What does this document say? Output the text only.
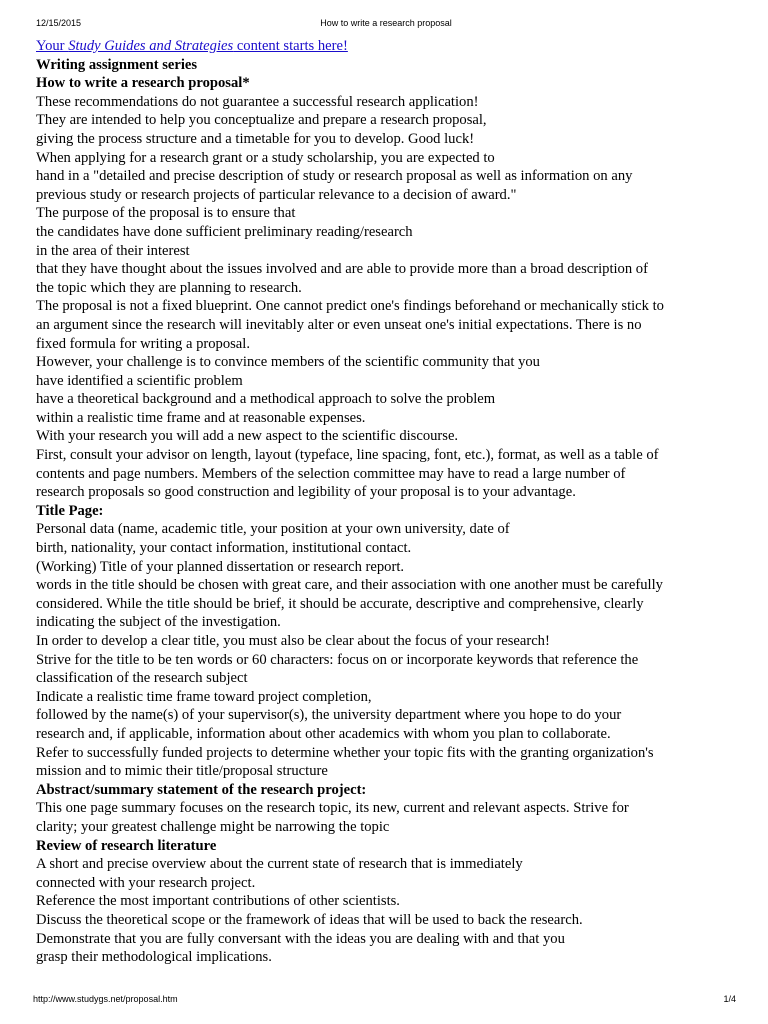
12/15/2015	How to write a research proposal
Your Study Guides and Strategies content starts here!
Writing assignment series
How to write a research proposal*
These recommendations do not guarantee a successful research application!
They are intended to help you conceptualize and prepare a research proposal,
giving the process structure and a timetable for you to develop. Good luck!
When applying for a research grant or a study scholarship, you are expected to
hand in a "detailed and precise description of study or research proposal as well as information on any
previous study or research projects of particular relevance to a decision of award."
The purpose of the proposal is to ensure that
the candidates have done sufficient preliminary reading/research
in the area of their interest
that they have thought about the issues involved and are able to provide more than a broad description of
the topic which they are planning to research.
The proposal is not a fixed blueprint. One cannot predict one's findings beforehand or mechanically stick to
an argument since the research will inevitably alter or even unseat one's initial expectations. There is no
fixed formula for writing a proposal.
However, your challenge is to convince members of the scientific community that you
have identified a scientific problem
have a theoretical background and a methodical approach to solve the problem
within a realistic time frame and at reasonable expenses.
With your research you will add a new aspect to the scientific discourse.
First, consult your advisor on length, layout (typeface, line spacing, font, etc.), format, as well as a table of
contents and page numbers. Members of the selection committee may have to read a large number of
research proposals so good construction and legibility of your proposal is to your advantage.
Title Page:
Personal data (name, academic title, your position at your own university, date of
birth, nationality, your contact information, institutional contact.
(Working) Title of your planned dissertation or research report.
words in the title should be chosen with great care, and their association with one another must be carefully
considered. While the title should be brief, it should be accurate, descriptive and comprehensive, clearly
indicating the subject of the investigation.
In order to develop a clear title, you must also be clear about the focus of your research!
Strive for the title to be ten words or 60 characters: focus on or incorporate keywords that reference the
classification of the research subject
Indicate a realistic time frame toward project completion,
followed by the name(s) of your supervisor(s), the university department where you hope to do your
research and, if applicable, information about other academics with whom you plan to collaborate.
Refer to successfully funded projects to determine whether your topic fits with the granting organization's
mission and to mimic their title/proposal structure
Abstract/summary statement of the research project:
This one page summary focuses on the research topic, its new, current and relevant aspects. Strive for
clarity; your greatest challenge might be narrowing the topic
Review of research literature
A short and precise overview about the current state of research that is immediately
connected with your research project.
Reference the most important contributions of other scientists.
Discuss the theoretical scope or the framework of ideas that will be used to back the research.
Demonstrate that you are fully conversant with the ideas you are dealing with and that you
grasp their methodological implications.
http://www.studygs.net/proposal.htm	1/4
